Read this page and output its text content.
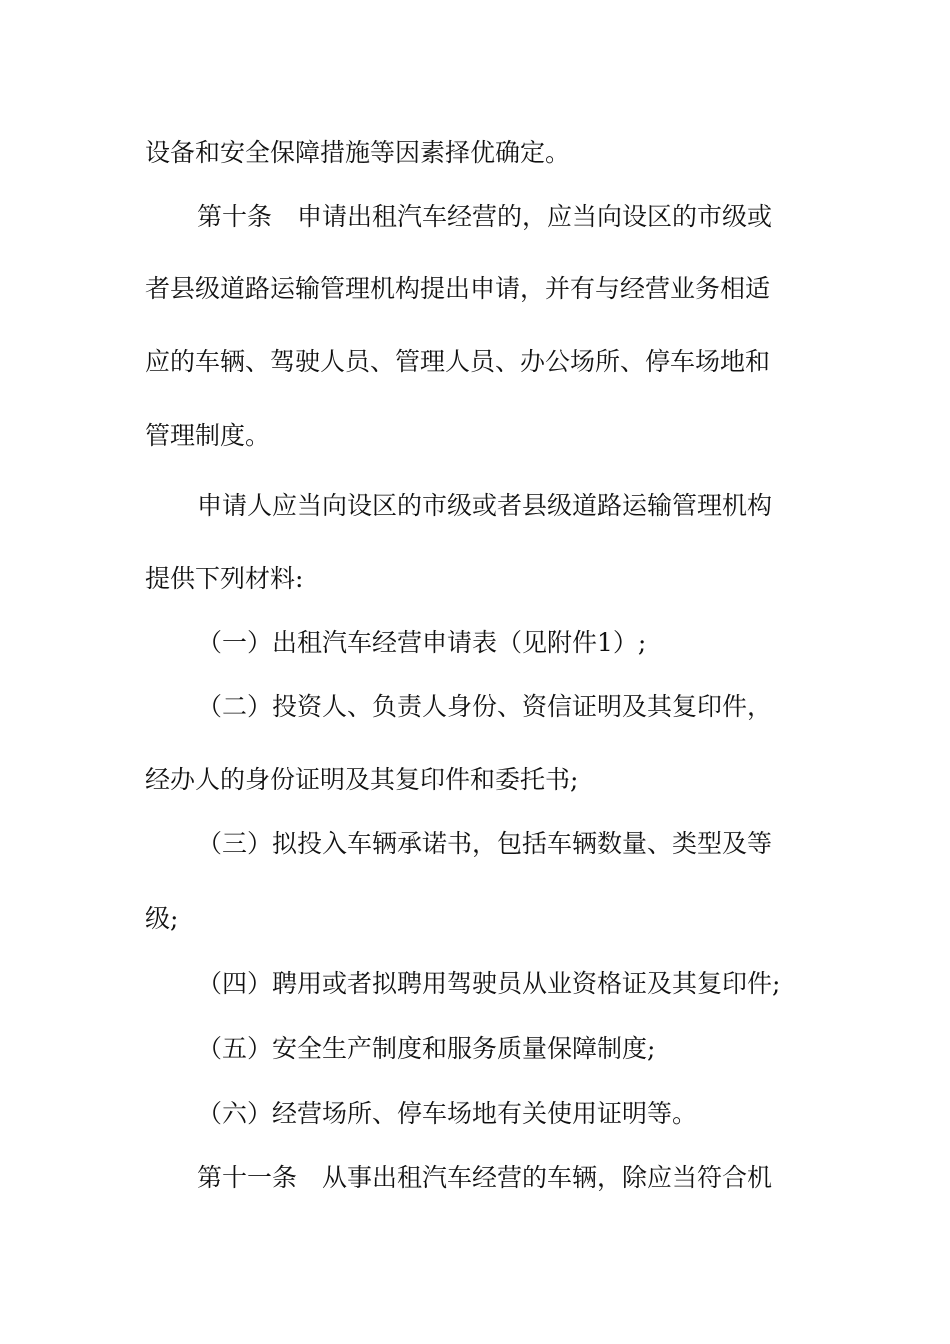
设备和安全保障措施等因素择优确定。
第十条　申请出租汽车经营的，应当向设区的市级或
者县级道路运输管理机构提出申请，并有与经营业务相适
应的车辆、驾驶人员、管理人员、办公场所、停车场地和
管理制度。
申请人应当向设区的市级或者县级道路运输管理机构
提供下列材料:
（一）出租汽车经营申请表（见附件1）;
（二）投资人、负责人身份、资信证明及其复印件，
经办人的身份证明及其复印件和委托书;
（三）拟投入车辆承诺书，包括车辆数量、类型及等
级;
（四）聘用或者拟聘用驾驶员从业资格证及其复印件;
（五）安全生产制度和服务质量保障制度;
（六）经营场所、停车场地有关使用证明等。
第十一条　从事出租汽车经营的车辆，除应当符合机
